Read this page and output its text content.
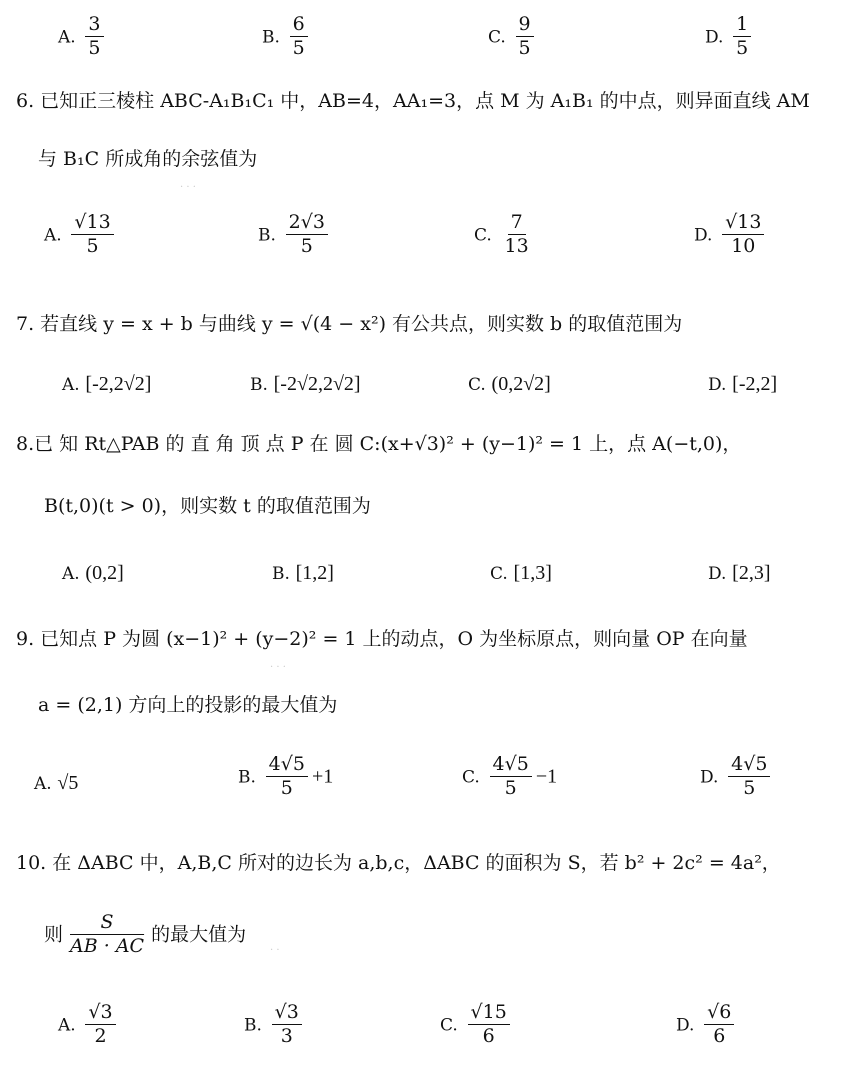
A. $\frac{3}{5}$	B. $\frac{6}{5}$	C. $\frac{9}{5}$	D. $\frac{1}{5}$
6. 已知正三棱柱 ABC-A₁B₁C₁ 中，AB=4，AA₁=3，点 M 为 A₁B₁ 的中点，则异面直线 AM
与 B₁C 所成角的余弦值为
· · ·
A. $\frac{√13}{5}$	B. $\frac{2√3}{5}$	C. $\frac{7}{13}$	D. $\frac{√13}{10}$
7. 若直线 y = x + b 与曲线 y = √(4 − x²) 有公共点，则实数 b 的取值范围为
A. [-2,2√2]	B. [-2√2,2√2]	C. (0,2√2]	D. [-2,2]
8.已 知 Rt△PAB 的 直 角 顶 点 P 在 圆 C:(x+√3)² + (y−1)² = 1 上，点 A(−t,0)，
B(t,0)(t > 0)，则实数 t 的取值范围为
A. (0,2]	B. [1,2]	C. [1,3]	D. [2,3]
9. 已知点 P 为圆 (x−1)² + (y−2)² = 1 上的动点，O 为坐标原点，则向量 OP 在向量
· · ·
a = (2,1) 方向上的投影的最大值为
A. √5	B. $\frac{4√5}{5} +1$	C. $\frac{4√5}{5} -1$	D. $\frac{4√5}{5}$
10. 在 ΔABC 中，A,B,C 所对的边长为 a,b,c，ΔABC 的面积为 S，若 b² + 2c² = 4a²，
则 $\frac{S}{AB \cdot AC}$ 的最大值为
· ·
A. $\frac{√3}{2}$	B. $\frac{√3}{3}$	C. $\frac{√15}{6}$	D. $\frac{√6}{6}$
